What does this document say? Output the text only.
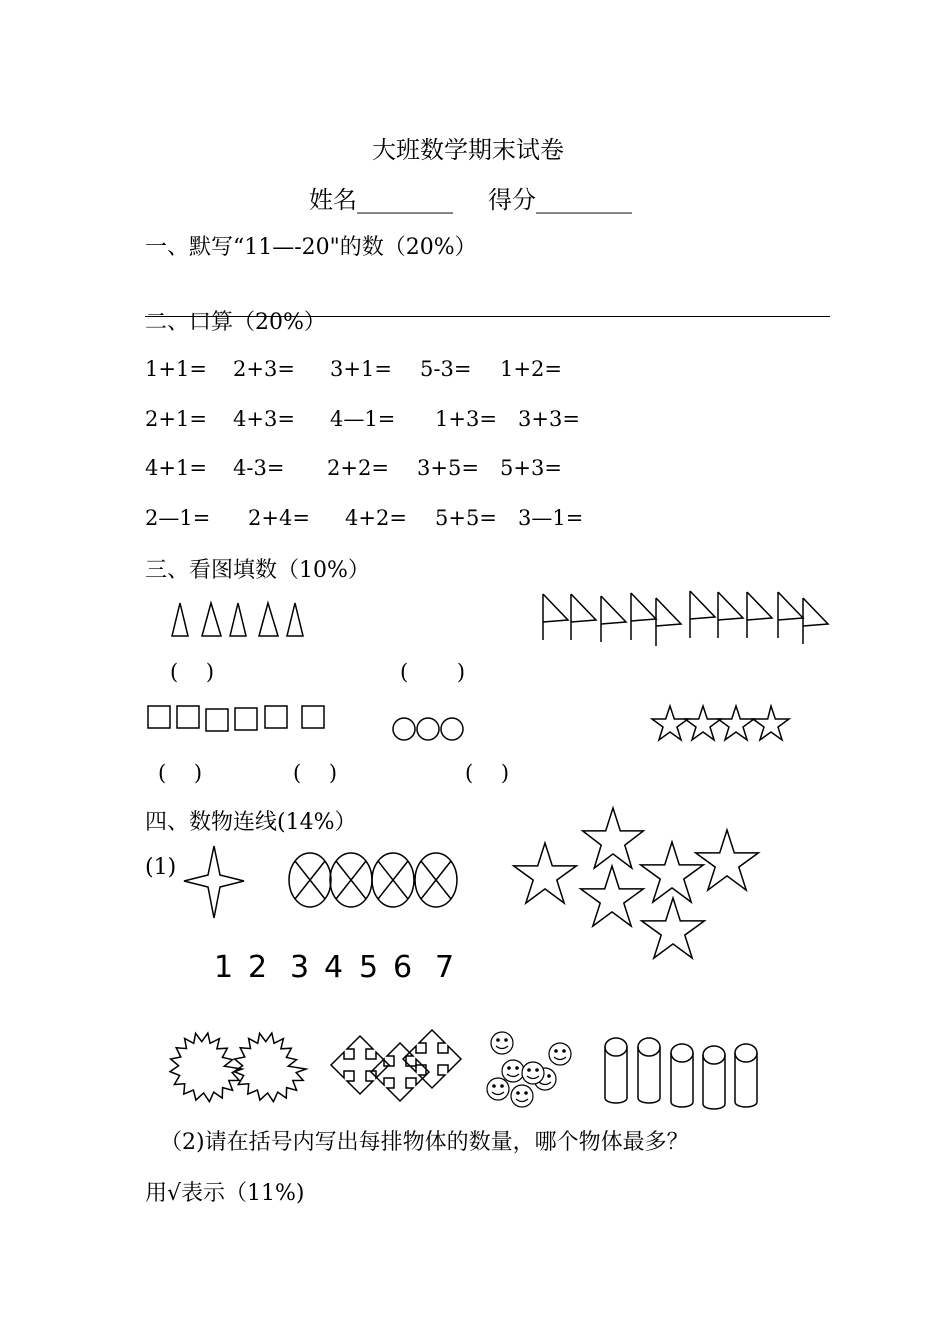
大班数学期末试卷
姓名________ 得分________
一、默写“11—-20"的数（20%）
二、口算（20%）
1+1= 2+3= 3+1= 5-3= 1+2=
2+1= 4+3= 4—1= 1+3= 3+3=
4+1= 4-3= 2+2= 3+5= 5+3=
2—1= 2+4= 4+2= 5+5= 3—1=
三、看图填数（10%）
(　 )	(　　 )
(　 )	(　 )	(　 )
四、数物连线(14%）
(1)
1 2 3 4 5 6 7
（2)请在括号内写出每排物体的数量，哪个物体最多？
用√表示（11%)
